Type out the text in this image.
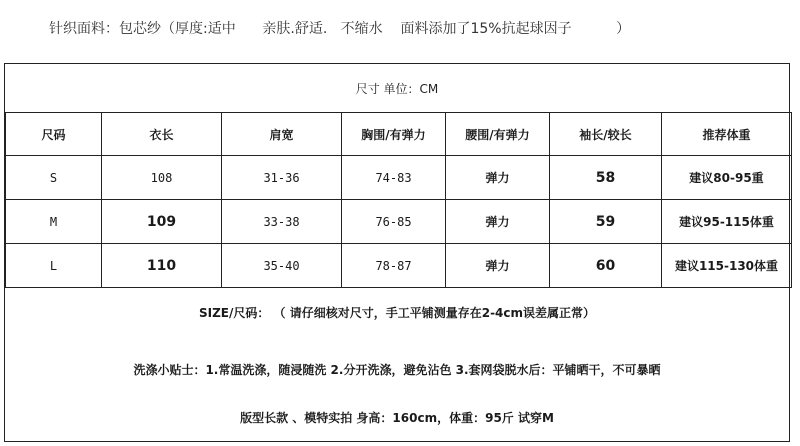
针织面料：包芯纱（厚度:适中      亲肤.舒适.   不缩水    面料添加了15%抗起球因子          ）
尺寸 单位：CM
尺码	衣长	肩宽	胸围/有弹力	腰围/有弹力	袖长/较长	推荐体重
S	108	31-36	74-83	弹力	58	建议80-95重
M	109	33-38	76-85	弹力	59	建议95-115体重
L	110	35-40	78-87	弹力	60	建议115-130体重
SIZE/尺码： （ 请仔细核对尺寸，手工平铺测量存在2-4cm误差属正常）
洗涤小贴士：1.常温洗涤，随浸随洗 2.分开洗涤，避免沾色 3.套网袋脱水后：平铺晒干，不可暴晒
版型长款 、模特实拍 身高：160cm，体重：95斤 试穿M
